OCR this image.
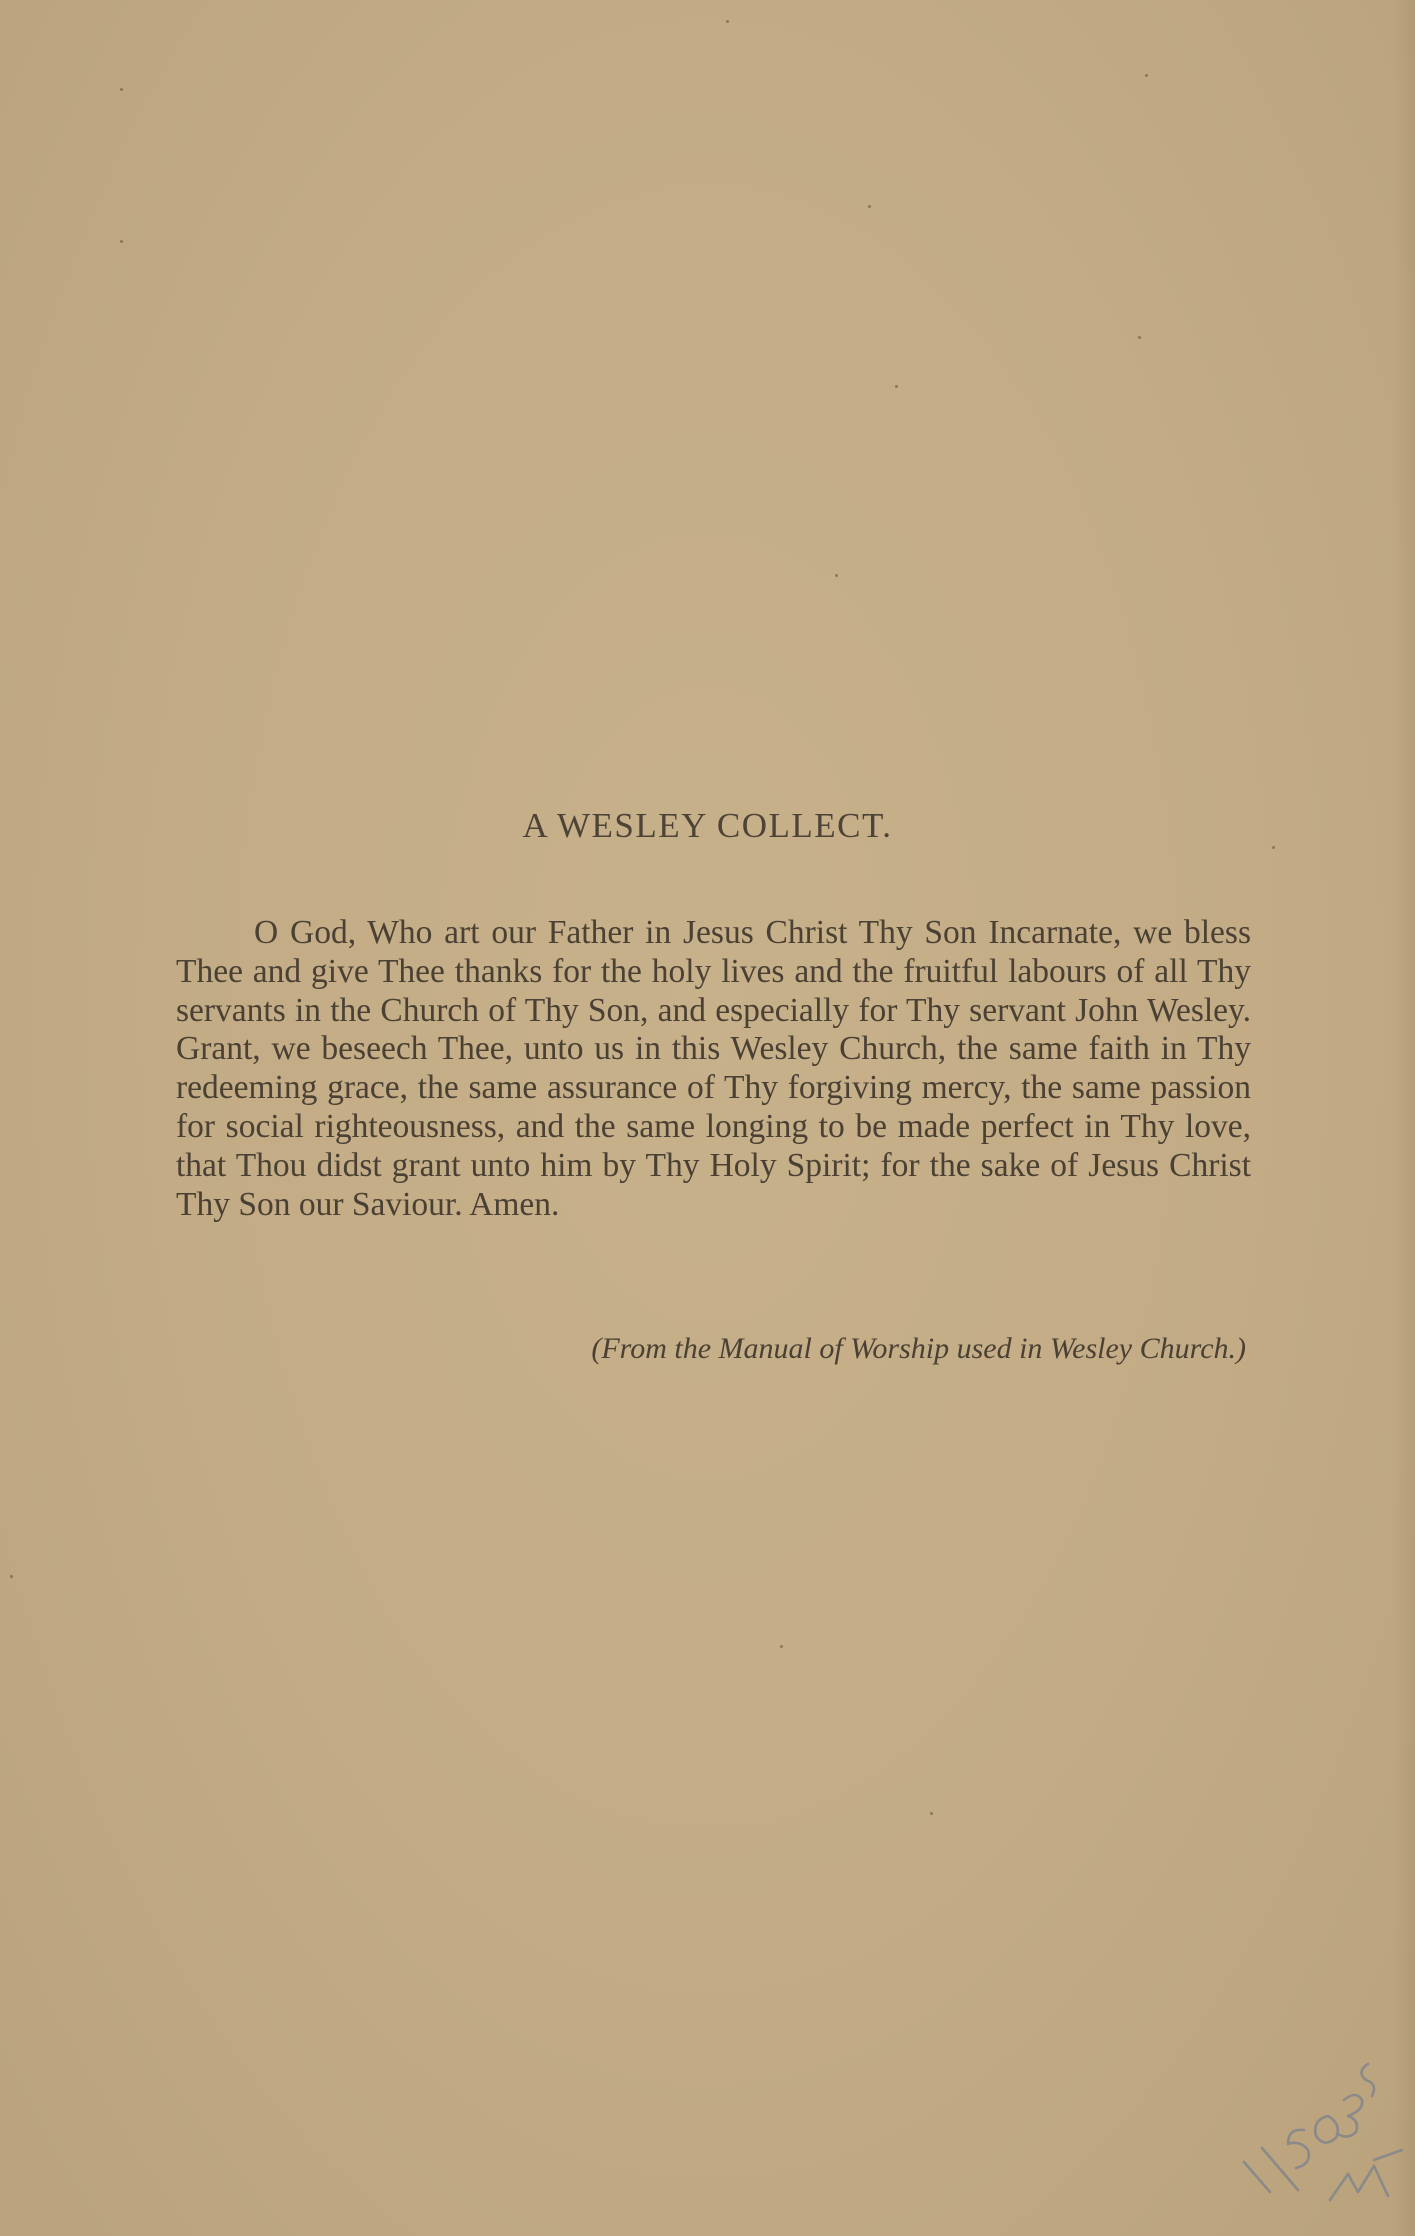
A WESLEY COLLECT.

O God, Who art our Father in Jesus Christ Thy Son Incarnate, we bless Thee and give Thee thanks for the holy lives and the fruitful labours of all Thy servants in the Church of Thy Son, and especially for Thy servant John Wesley. Grant, we beseech Thee, unto us in this Wesley Church, the same faith in Thy redeeming grace, the same assurance of Thy forgiving mercy, the same passion for social righteousness, and the same longing to be made perfect in Thy love, that Thou didst grant unto him by Thy Holy Spirit; for the sake of Jesus Christ Thy Son our Saviour. Amen.

(From the Manual of Worship used in Wesley Church.)
